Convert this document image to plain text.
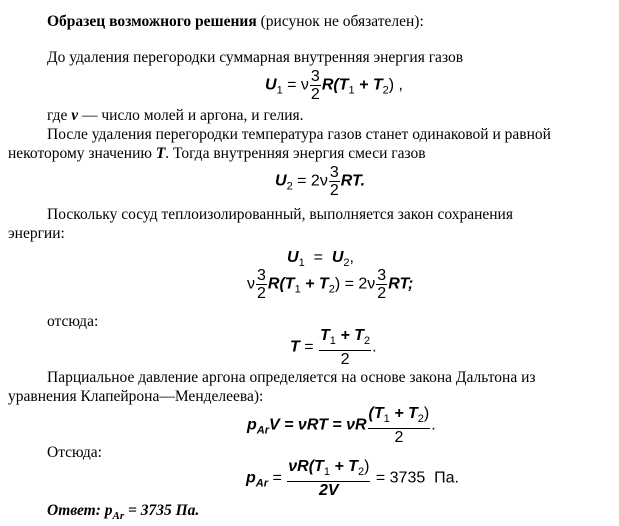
Образец возможного решения (рисунок не обязателен):
До удаления перегородки суммарная внутренняя энергия газов
$U_1 = \nu \frac{3}{2} R(T_1 + T_2)$ ,
где ν — число молей и аргона, и гелия.
После удаления перегородки температура газов станет одинаковой и равной
некоторому значению T. Тогда внутренняя энергия смеси газов
$U_2 = 2\nu \frac{3}{2}$ RT.
Поскольку сосуд теплоизолированный, выполняется закон сохранения
энергии:
$U_1 = U_2$,
ν $\frac{3}{2} R(T_1 + T_2) = 2\nu \frac{3}{2}$ RT;
отсюда:
$T = \frac{T_1 + T_2}{2}$ .
Парциальное давление аргона определяется на основе закона Дальтона из
уравнения Клапейрона—Менделеева):
$p_{Ar}V = \nu RT = \nu R \frac{(T_1 + T_2)}{2}$ .
Отсюда:
$p_{Ar} = \frac{\nu R(T_1 + T_2)}{2V} = 3735$  Па.
Ответ: $p_{Ar} = 3735$ Па.
